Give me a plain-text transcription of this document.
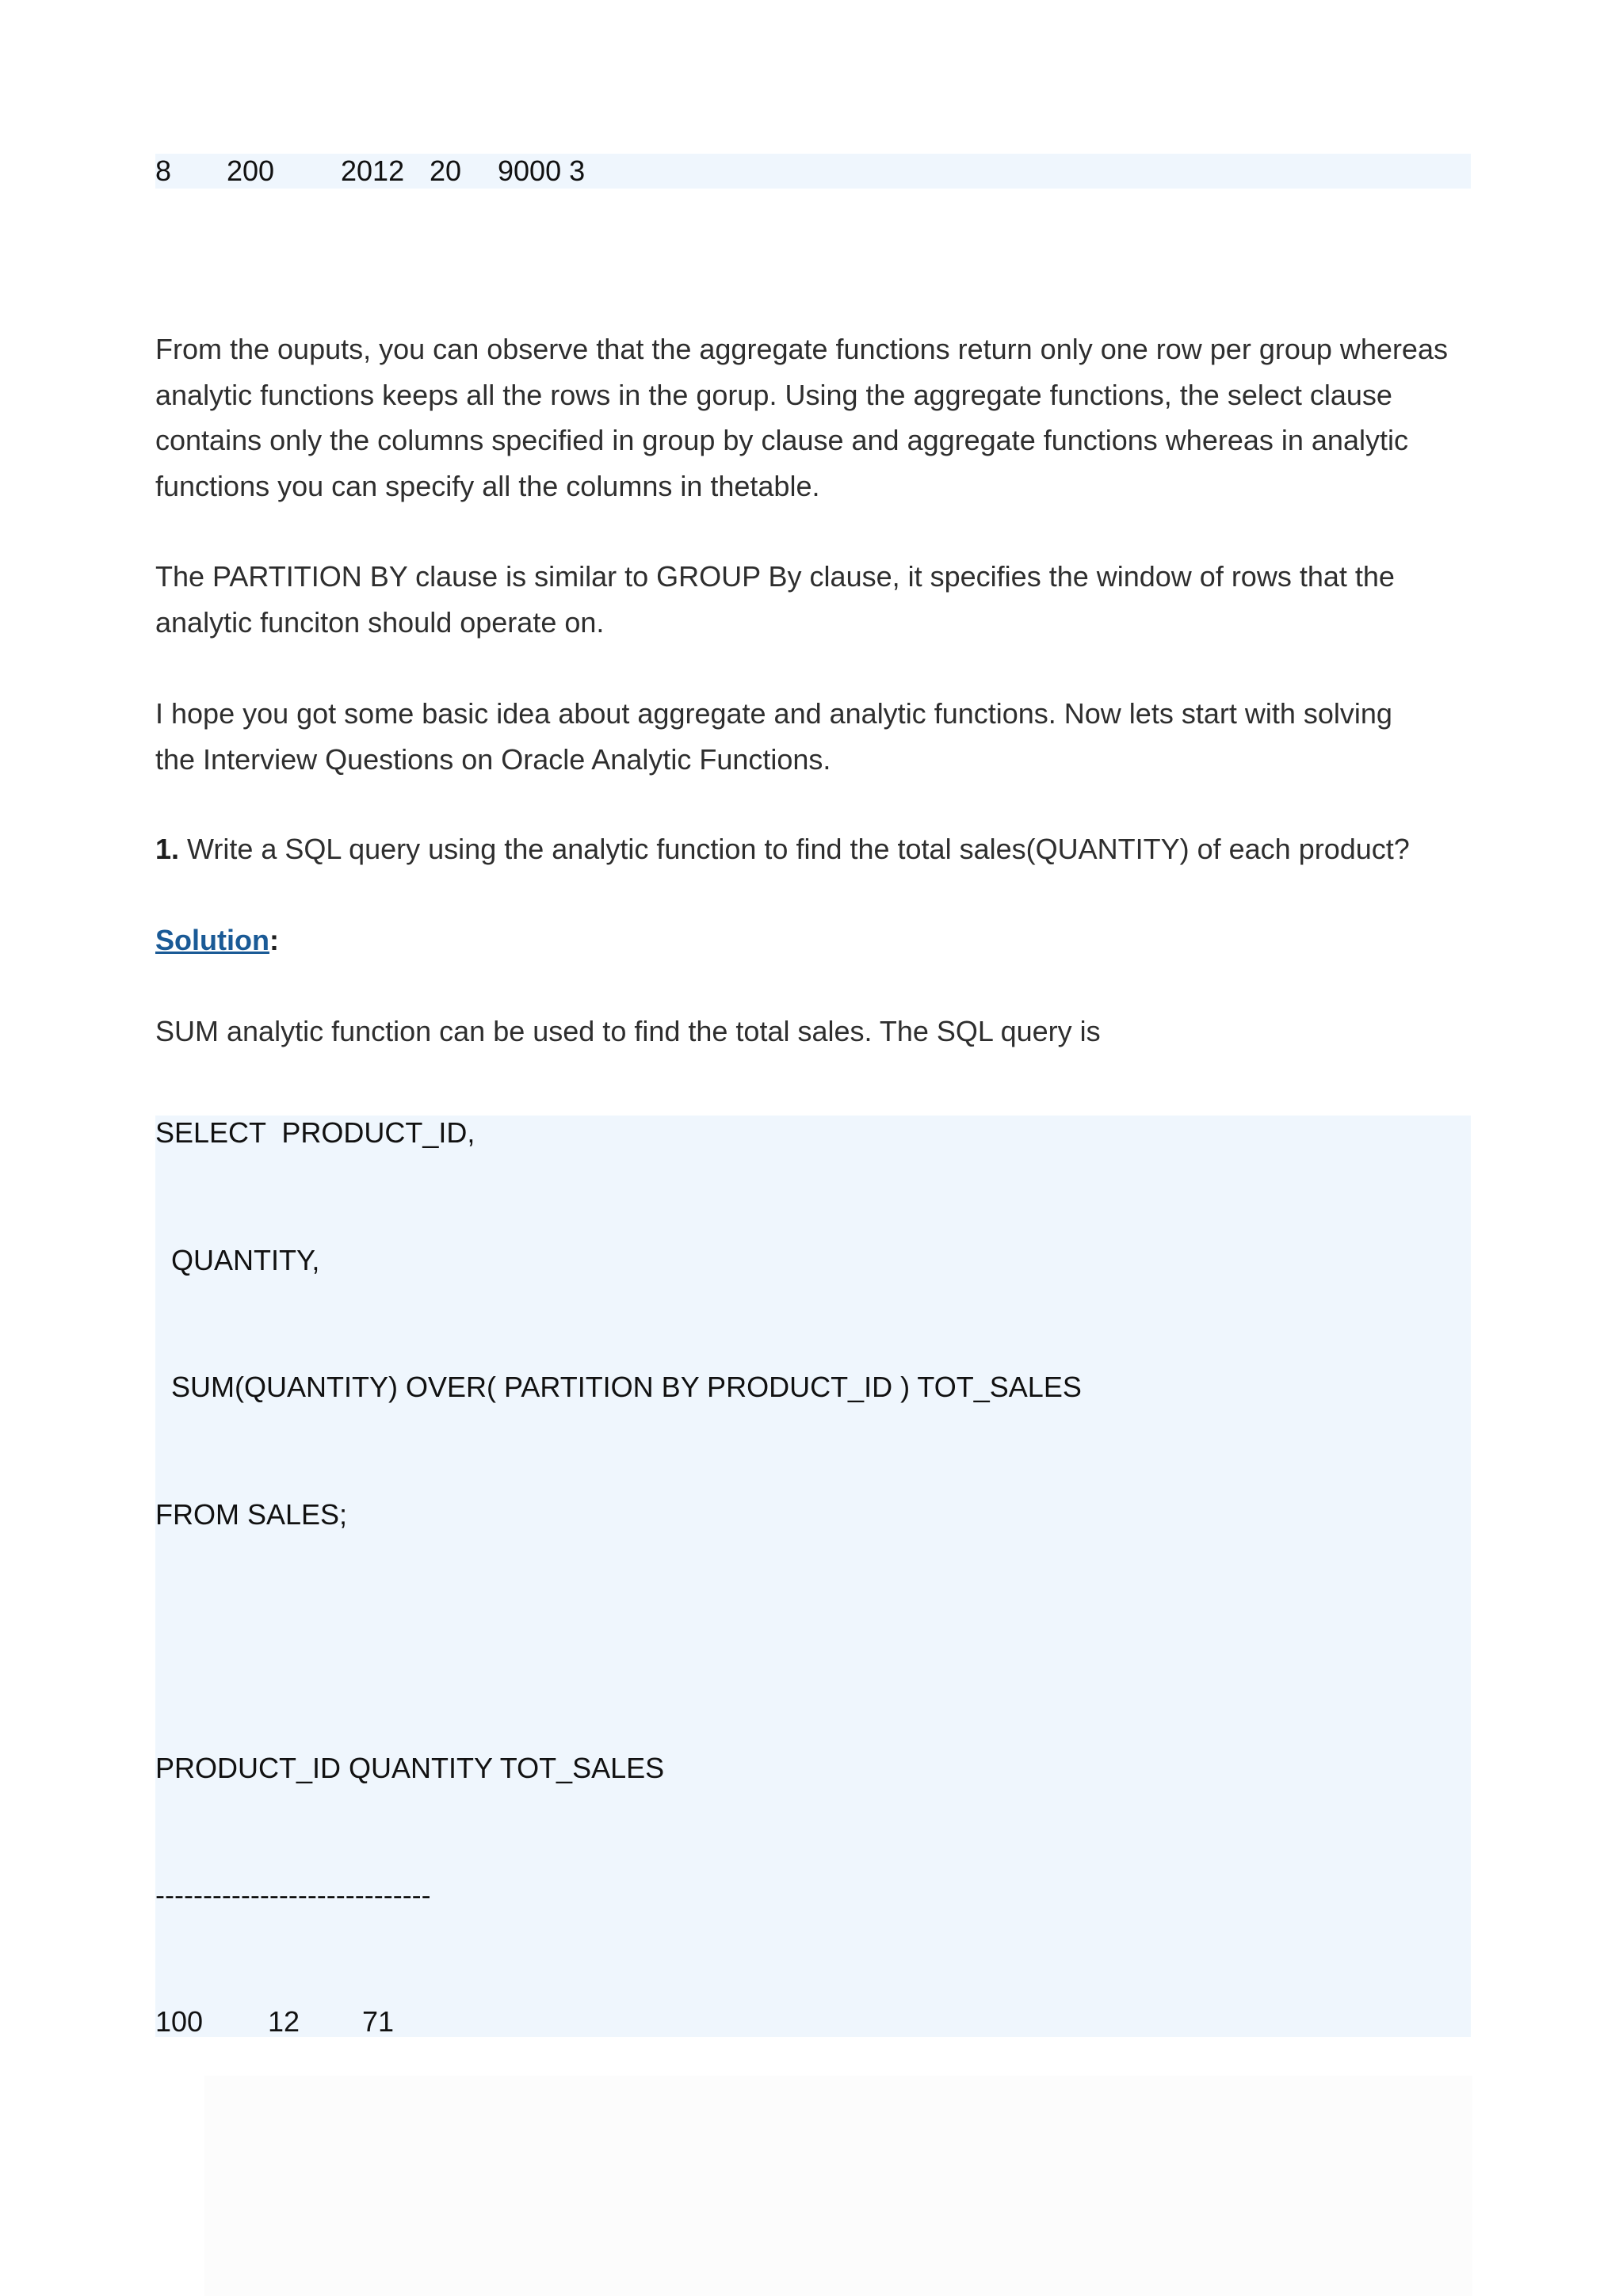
8 200 2012 20 9000 3
From the ouputs, you can observe that the aggregate functions return only one row per group whereas
analytic functions keeps all the rows in the gorup. Using the aggregate functions, the select clause
contains only the columns specified in group by clause and aggregate functions whereas in analytic
functions you can specify all the columns in thetable.
The PARTITION BY clause is similar to GROUP By clause, it specifies the window of rows that the
analytic funciton should operate on.
I hope you got some basic idea about aggregate and analytic functions. Now lets start with solving
the Interview Questions on Oracle Analytic Functions.
1. Write a SQL query using the analytic function to find the total sales(QUANTITY) of each product?
Solution:
SUM analytic function can be used to find the total sales. The SQL query is
SELECT  PRODUCT_ID,
QUANTITY,
SUM(QUANTITY) OVER( PARTITION BY PRODUCT_ID ) TOT_SALES
FROM SALES;
PRODUCT_ID QUANTITY TOT_SALES
-----------------------------
100 12 71
